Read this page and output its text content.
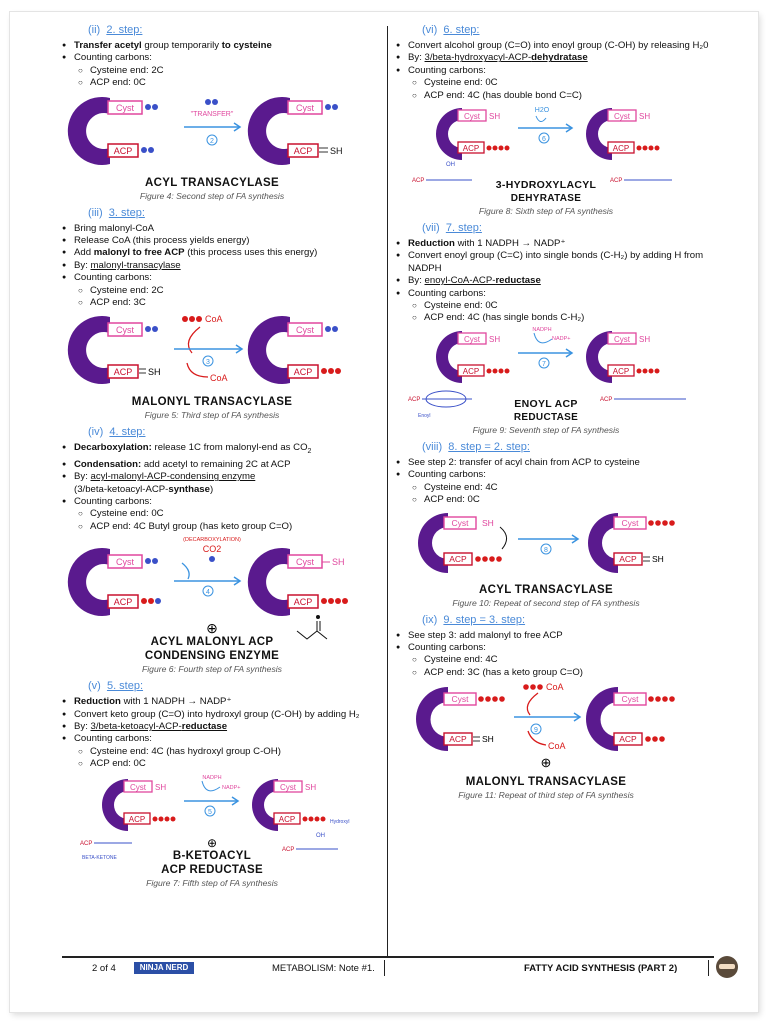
(ii) 2. step:
● Transfer acetyl group temporarily to cysteine
● Counting carbons:
○ Cysteine end: 2C
○ ACP end: 0C
Cyst
ACP
"TRANSFER"
2
Cyst
ACP SH
ACYL TRANSACYLASE
Figure 4: Second step of FA synthesis
(iii) 3. step:
● Bring malonyl-CoA
● Release CoA (this process yields energy)
● Add malonyl to free ACP (this process uses this energy)
● By: malonyl-transacylase
● Counting carbons:
○ Cysteine end: 2C
○ ACP end: 3C
Cyst
ACP SH
CoA
3
CoA
Cyst
ACP
MALONYL TRANSACYLASE
Figure 5: Third step of FA synthesis
(iv) 4. step:
● Decarboxylation: release 1C from malonyl-end as $CO_2$
● Condensation: add acetyl to remaining 2C at ACP
● By: acyl-malonyl-ACP-condensing enzyme
(3/beta-ketoacyl-ACP-synthase)
● Counting carbons:
○ Cysteine end: 0C
○ ACP end: 4C Butyl group (has keto group C=O)
Cyst
ACP
(DECARBOXYLATION)
CO2
4
Cyst SH
ACP
⊕
ACYL MALONYL ACP
CONDENSING ENZYME
Figure 6: Fourth step of FA synthesis
(v) 5. step:
● Reduction with 1 NADPH → NADP⁺
● Convert keto group (C=O) into hydroxyl group (C-OH) by adding H₂
● By: 3/beta-ketoacyl-ACP-reductase
● Counting carbons:
○ Cysteine end: 4C (has hydroxyl group C-OH)
○ ACP end: 0C
Cyst SH
ACP
NADPH
NADP+
5
Cyst SH
ACP	Hydroxyl
ACP
BETA-KETONE
⊕	ACP
OH
B-KETOACYL
ACP REDUCTASE
Figure 7: Fifth step of FA synthesis
(vi) 6. step:
● Convert alcohol group (C=O) into enoyl group (C-OH) by releasing H₂0
● By: 3/beta-hydroxyacyl-ACP-dehydratase
● Counting carbons:
○ Cysteine end: 0C
○ ACP end: 4C (has double bond C=C)
Cyst SH
ACP
H2O
6
Cyst SH
ACP
ACP
OH
ACP
3-HYDROXYLACYL
DEHYRATASE
Figure 8: Sixth step of FA synthesis
(vii) 7. step:
● Reduction with 1 NADPH → NADP⁺
● Convert enoyl group (C=C) into single bonds (C-H₂) by adding H from NADPH
● By: enoyl-CoA-ACP-reductase
● Counting carbons:
○ Cysteine end: 0C
○ ACP end: 4C (has single bonds C-H₂)
Cyst SH
ACP
NADPH
NADP+
7
Cyst SH
ACP
ACP
Enoyl
ACP
ENOYL ACP
REDUCTASE
Figure 9: Seventh step of FA synthesis
(viii) 8. step = 2. step:
● See step 2: transfer of acyl chain from ACP to cysteine
● Counting carbons:
○ Cysteine end: 4C
○ ACP end: 0C
Cyst SH
ACP
8
Cyst
ACP SH
ACYL TRANSACYLASE
Figure 10: Repeat of second step of FA synthesis
(ix) 9. step = 3. step:
● See step 3: add malonyl to free ACP
● Counting carbons:
○ Cysteine end: 4C
○ ACP end: 3C (has a keto group C=O)
Cyst
ACP SH
CoA
9
CoA
Cyst
ACP
⊕
MALONYL TRANSACYLASE
Figure 11: Repeat of third step of FA synthesis
2 of 4	NINJA NERD	METABOLISM: Note #1.	FATTY ACID SYNTHESIS (PART 2)
